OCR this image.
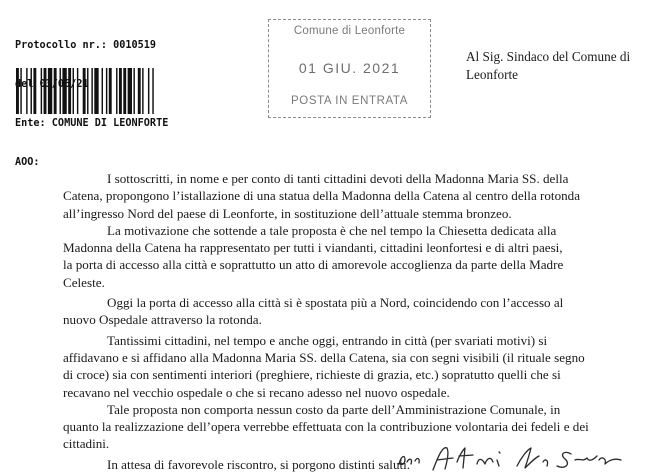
Protocollo nr.: 0010519

del

Ente: COMUNE DI LEONFORTE

AOO:

Comune di Leonforte
01 GIU. 2021
POSTA IN ENTRATA
Al Sig. Sindaco del Comune di
Leonforte
I sottoscritti, in nome e per conto di tanti cittadini devoti della Madonna Maria SS. della
Catena, propongono l’istallazione di una statua della Madonna della Catena al centro della rotonda
all’ingresso Nord del paese di Leonforte, in sostituzione dell’attuale stemma bronzeo.
La motivazione che sottende a tale proposta è che nel tempo la Chiesetta dedicata alla
Madonna della Catena ha rappresentato per tutti i viandanti, cittadini leonfortesi e di altri paesi,
la porta di accesso alla città e soprattutto un atto di amorevole accoglienza da parte della Madre
Celeste.
Oggi la porta di accesso alla città si è spostata più a Nord, coincidendo con l’accesso al
nuovo Ospedale attraverso la rotonda.
Tantissimi cittadini, nel tempo e anche oggi, entrando in città (per svariati motivi) si
affidavano e si affidano alla Madonna Maria SS. della Catena, sia con segni visibili (il rituale segno
di croce) sia con sentimenti interiori (preghiere, richieste di grazia, etc.) sopratutto quelli che si
recavano nel vecchio ospedale o che si recano adesso nel nuovo ospedale.
Tale proposta non comporta nessun costo da parte dell’Amministrazione Comunale, in
quanto la realizzazione dell’opera verrebbe effettuata con la contribuzione volontaria dei fedeli e dei
cittadini.
In attesa di favorevole riscontro, si porgono distinti saluti.
